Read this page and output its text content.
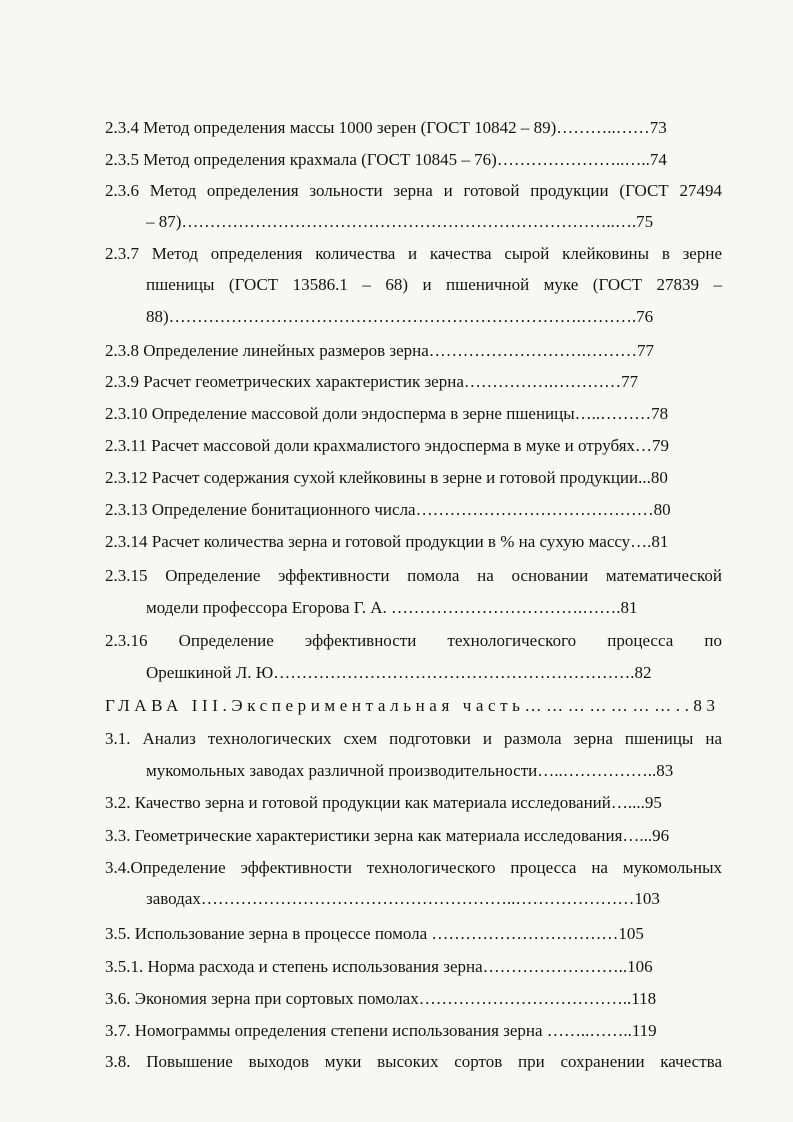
2.3.4 Метод определения массы 1000 зерен (ГОСТ 10842 – 89)………..……73
2.3.5 Метод определения крахмала (ГОСТ 10845 – 76)…………………..…..74
2.3.6 Метод определения зольности зерна и готовой продукции (ГОСТ 27494
– 87)…………………………………………………………………..….75
2.3.7 Метод определения количества и качества сырой клейковины в зерне
пшеницы (ГОСТ 13586.1 – 68) и пшеничной муке (ГОСТ 27839 –
88)……………………………………………………………….……….76
2.3.8 Определение линейных размеров зерна……………………….………77
2.3.9 Расчет геометрических характеристик зерна…………….…………77
2.3.10 Определение массовой доли эндосперма в зерне пшеницы…..………78
2.3.11 Расчет массовой доли крахмалистого эндосперма в муке и отрубях…79
2.3.12 Расчет содержания сухой клейковины в зерне и готовой продукции...80
2.3.13 Определение бонитационного числа……………………………………80
2.3.14 Расчет количества зерна и готовой продукции в % на сухую массу….81
2.3.15 Определение эффективности помола на основании математической
модели профессора Егорова Г. А. …………………………….…….81
2.3.16 Определение эффективности технологического процесса по
Орешкиной Л. Ю……………………………………………………….82
ГЛАВА III.Экспериментальная часть…………………..83
3.1. Анализ технологических схем подготовки и размола зерна пшеницы на
мукомольных заводах различной производительности…..……………..83
3.2. Качество зерна и готовой продукции как материала исследований…....95
3.3. Геометрические характеристики зерна как материала исследования…...96
3.4.Определение эффективности технологического процесса на мукомольных
заводах………………………………………………..…………………103
3.5. Использование зерна в процессе помола ……………………………105
3.5.1. Норма расхода и степень использования зерна……………………..106
3.6. Экономия зерна при сортовых помолах………………………………..118
3.7. Номограммы определения степени использования зерна ……..……..119
3.8. Повышение выходов муки высоких сортов при сохранении качества
